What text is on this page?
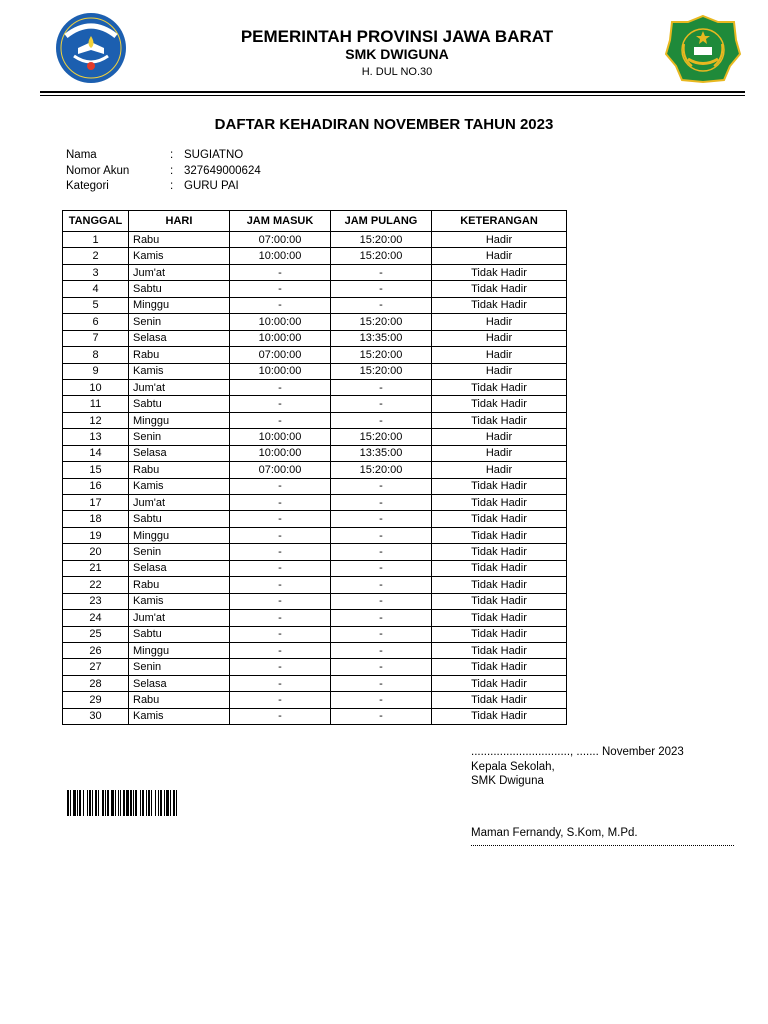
PEMERINTAH PROVINSI JAWA BARAT
SMK DWIGUNA
H. DUL NO.30
DAFTAR KEHADIRAN NOVEMBER TAHUN 2023
Nama	: SUGIATNO
Nomor Akun	: 327649000624
Kategori	: GURU PAI
TANGGAL	HARI	JAM MASUK	JAM PULANG	KETERANGAN
1	Rabu	07:00:00	15:20:00	Hadir
2	Kamis	10:00:00	15:20:00	Hadir
3	Jum'at	-	-	Tidak Hadir
4	Sabtu	-	-	Tidak Hadir
5	Minggu	-	-	Tidak Hadir
6	Senin	10:00:00	15:20:00	Hadir
7	Selasa	10:00:00	13:35:00	Hadir
8	Rabu	07:00:00	15:20:00	Hadir
9	Kamis	10:00:00	15:20:00	Hadir
10	Jum'at	-	-	Tidak Hadir
11	Sabtu	-	-	Tidak Hadir
12	Minggu	-	-	Tidak Hadir
13	Senin	10:00:00	15:20:00	Hadir
14	Selasa	10:00:00	13:35:00	Hadir
15	Rabu	07:00:00	15:20:00	Hadir
16	Kamis	-	-	Tidak Hadir
17	Jum'at	-	-	Tidak Hadir
18	Sabtu	-	-	Tidak Hadir
19	Minggu	-	-	Tidak Hadir
20	Senin	-	-	Tidak Hadir
21	Selasa	-	-	Tidak Hadir
22	Rabu	-	-	Tidak Hadir
23	Kamis	-	-	Tidak Hadir
24	Jum'at	-	-	Tidak Hadir
25	Sabtu	-	-	Tidak Hadir
26	Minggu	-	-	Tidak Hadir
27	Senin	-	-	Tidak Hadir
28	Selasa	-	-	Tidak Hadir
29	Rabu	-	-	Tidak Hadir
30	Kamis	-	-	Tidak Hadir
..............................., ....... November 2023
Kepala Sekolah,
SMK Dwiguna
Maman Fernandy, S.Kom, M.Pd.
